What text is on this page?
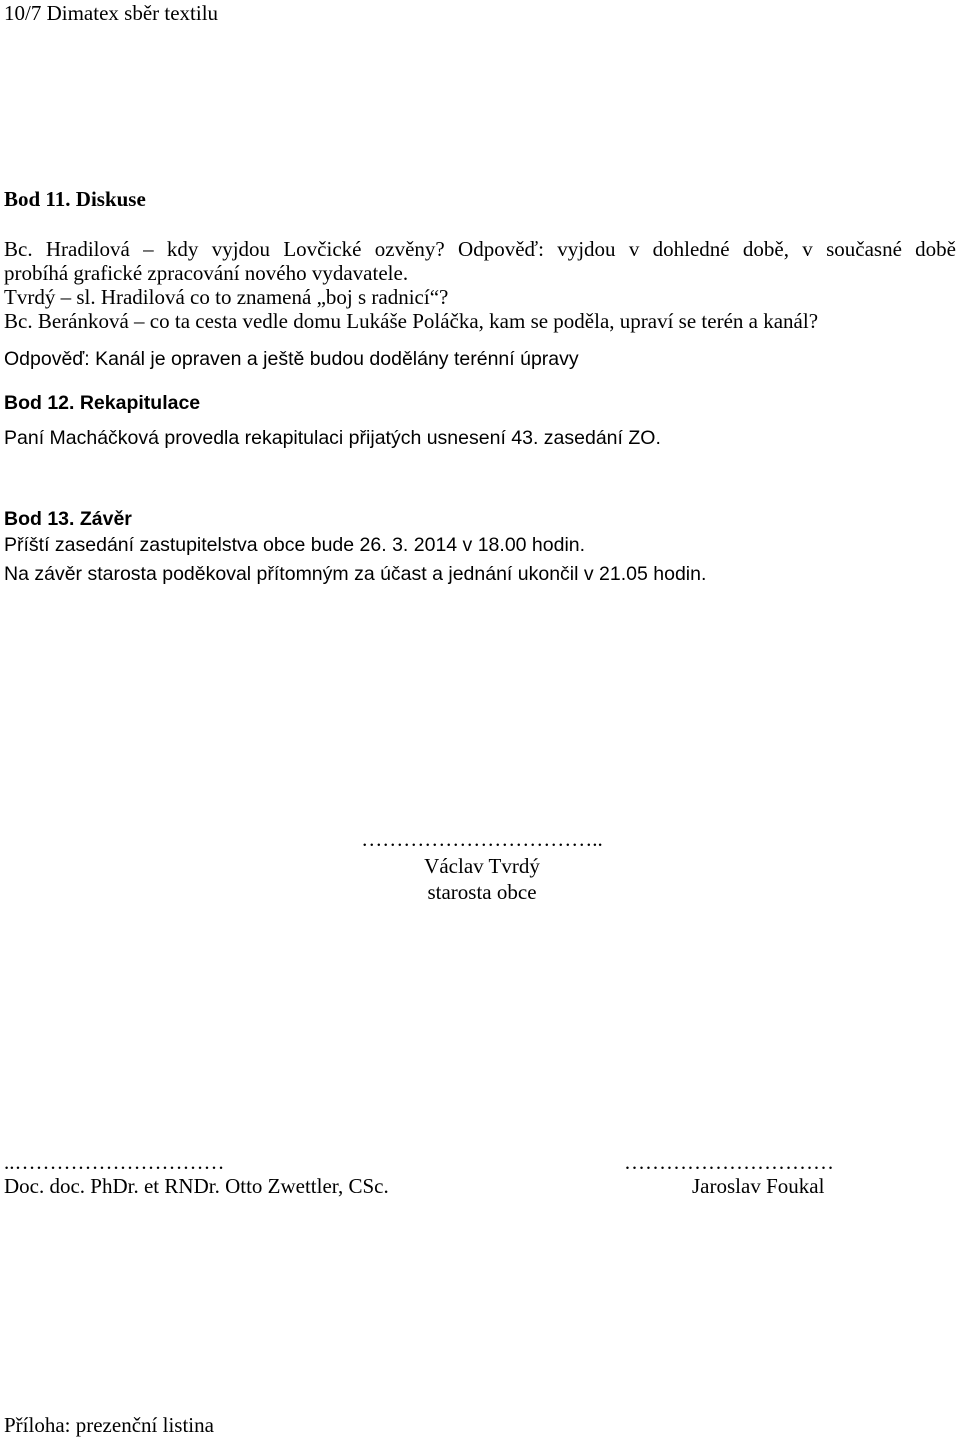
10/7 Dimatex sběr textilu

Bod 11. Diskuse

Bc. Hradilová – kdy vyjdou Lovčické ozvěny? Odpověď: vyjdou v dohledné době, v současné době

probíhá grafické zpracování nového vydavatele.

Tvrdý – sl. Hradilová co to znamená „boj s radnicí“?

Bc. Beránková – co ta cesta vedle domu Lukáše Poláčka, kam se poděla, upraví se terén a kanál?

Odpověď: Kanál je opraven a ještě budou dodělány terénní úpravy

Bod 12. Rekapitulace

Paní Macháčková provedla rekapitulaci přijatých usnesení 43. zasedání ZO.

Bod 13. Závěr

Příští zasedání zastupitelstva obce bude 26. 3. 2014 v 18.00 hodin.

Na závěr starosta poděkoval přítomným za účast a jednání ukončil v 21.05 hodin.

……………………………..

Václav Tvrdý

starosta obce

..…………………………

Doc. doc. PhDr. et RNDr. Otto Zwettler, CSc.

…………………………

Jaroslav Foukal

Příloha: prezenční listina
